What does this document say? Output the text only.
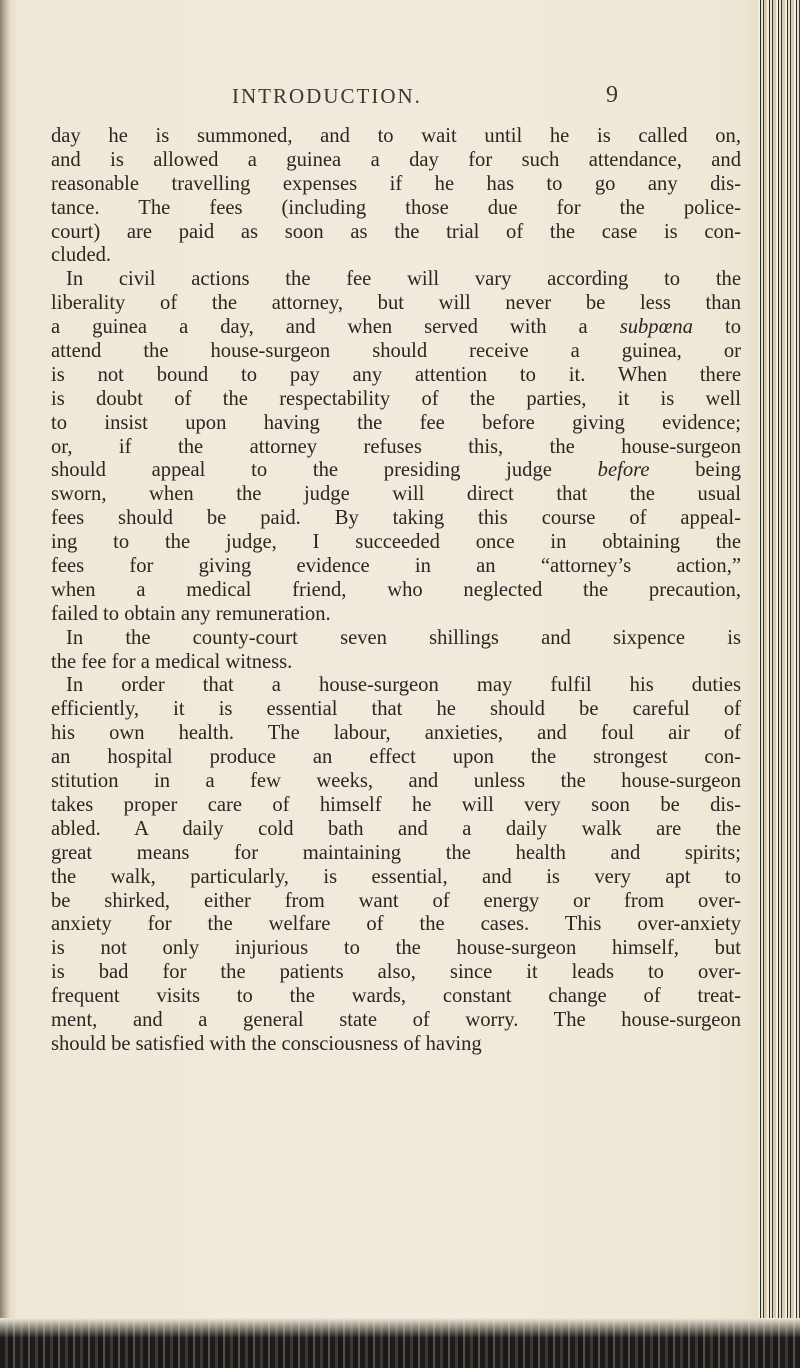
INTRODUCTION.	9
day he is summoned, and to wait until he is called on,
and is allowed a guinea a day for such attendance, and
reasonable travelling expenses if he has to go any dis-
tance. The fees (including those due for the police-
court) are paid as soon as the trial of the case is con-
cluded.
In civil actions the fee will vary according to the
liberality of the attorney, but will never be less than
a guinea a day, and when served with a subpœna to
attend the house-surgeon should receive a guinea, or
is not bound to pay any attention to it. When there
is doubt of the respectability of the parties, it is well
to insist upon having the fee before giving evidence;
or, if the attorney refuses this, the house-surgeon
should appeal to the presiding judge before being
sworn, when the judge will direct that the usual
fees should be paid. By taking this course of appeal-
ing to the judge, I succeeded once in obtaining the
fees for giving evidence in an “attorney’s action,”
when a medical friend, who neglected the precaution,
failed to obtain any remuneration.
In the county-court seven shillings and sixpence is
the fee for a medical witness.
In order that a house-surgeon may fulfil his duties
efficiently, it is essential that he should be careful of
his own health. The labour, anxieties, and foul air of
an hospital produce an effect upon the strongest con-
stitution in a few weeks, and unless the house-surgeon
takes proper care of himself he will very soon be dis-
abled. A daily cold bath and a daily walk are the
great means for maintaining the health and spirits;
the walk, particularly, is essential, and is very apt to
be shirked, either from want of energy or from over-
anxiety for the welfare of the cases. This over-anxiety
is not only injurious to the house-surgeon himself, but
is bad for the patients also, since it leads to over-
frequent visits to the wards, constant change of treat-
ment, and a general state of worry. The house-surgeon
should be satisfied with the consciousness of having
